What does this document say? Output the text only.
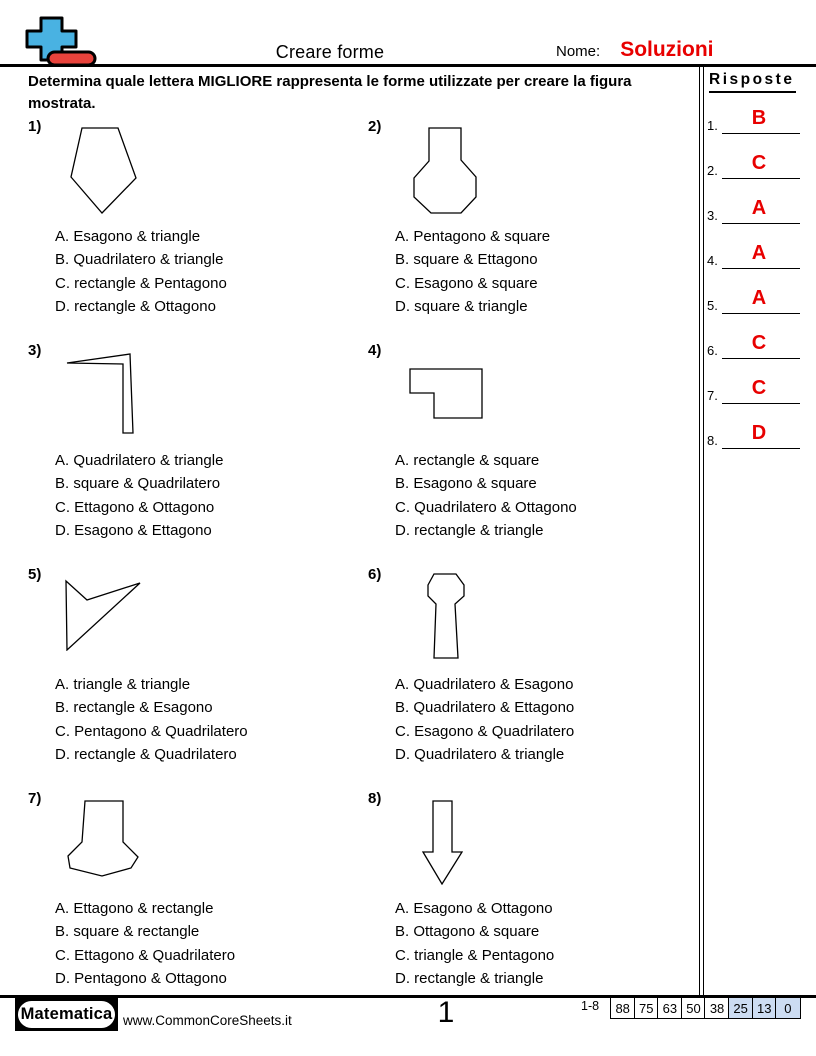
Creare forme	Nome: Soluzioni
Determina quale lettera MIGLIORE rappresenta le forme utilizzate per creare la figura mostrata.
Risposte
1.	B
2.	C
3.	A
4.	A
5.	A
6.	C
7.	C
8.	D
1)
A. Esagono & triangle
B. Quadrilatero & triangle
C. rectangle & Pentagono
D. rectangle & Ottagono
2)
A. Pentagono & square
B. square & Ettagono
C. Esagono & square
D. square & triangle
3)
A. Quadrilatero & triangle
B. square & Quadrilatero
C. Ettagono & Ottagono
D. Esagono & Ettagono
4)
A. rectangle & square
B. Esagono & square
C. Quadrilatero & Ottagono
D. rectangle & triangle
5)
A. triangle & triangle
B. rectangle & Esagono
C. Pentagono & Quadrilatero
D. rectangle & Quadrilatero
6)
A. Quadrilatero & Esagono
B. Quadrilatero & Ettagono
C. Esagono & Quadrilatero
D. Quadrilatero & triangle
7)
A. Ettagono & rectangle
B. square & rectangle
C. Ettagono & Quadrilatero
D. Pentagono & Ottagono
8)
A. Esagono & Ottagono
B. Ottagono & square
C. triangle & Pentagono
D. rectangle & triangle
Matematica www.CommonCoreSheets.it	1	1-8	88 75 63 50 38 25 13 0
